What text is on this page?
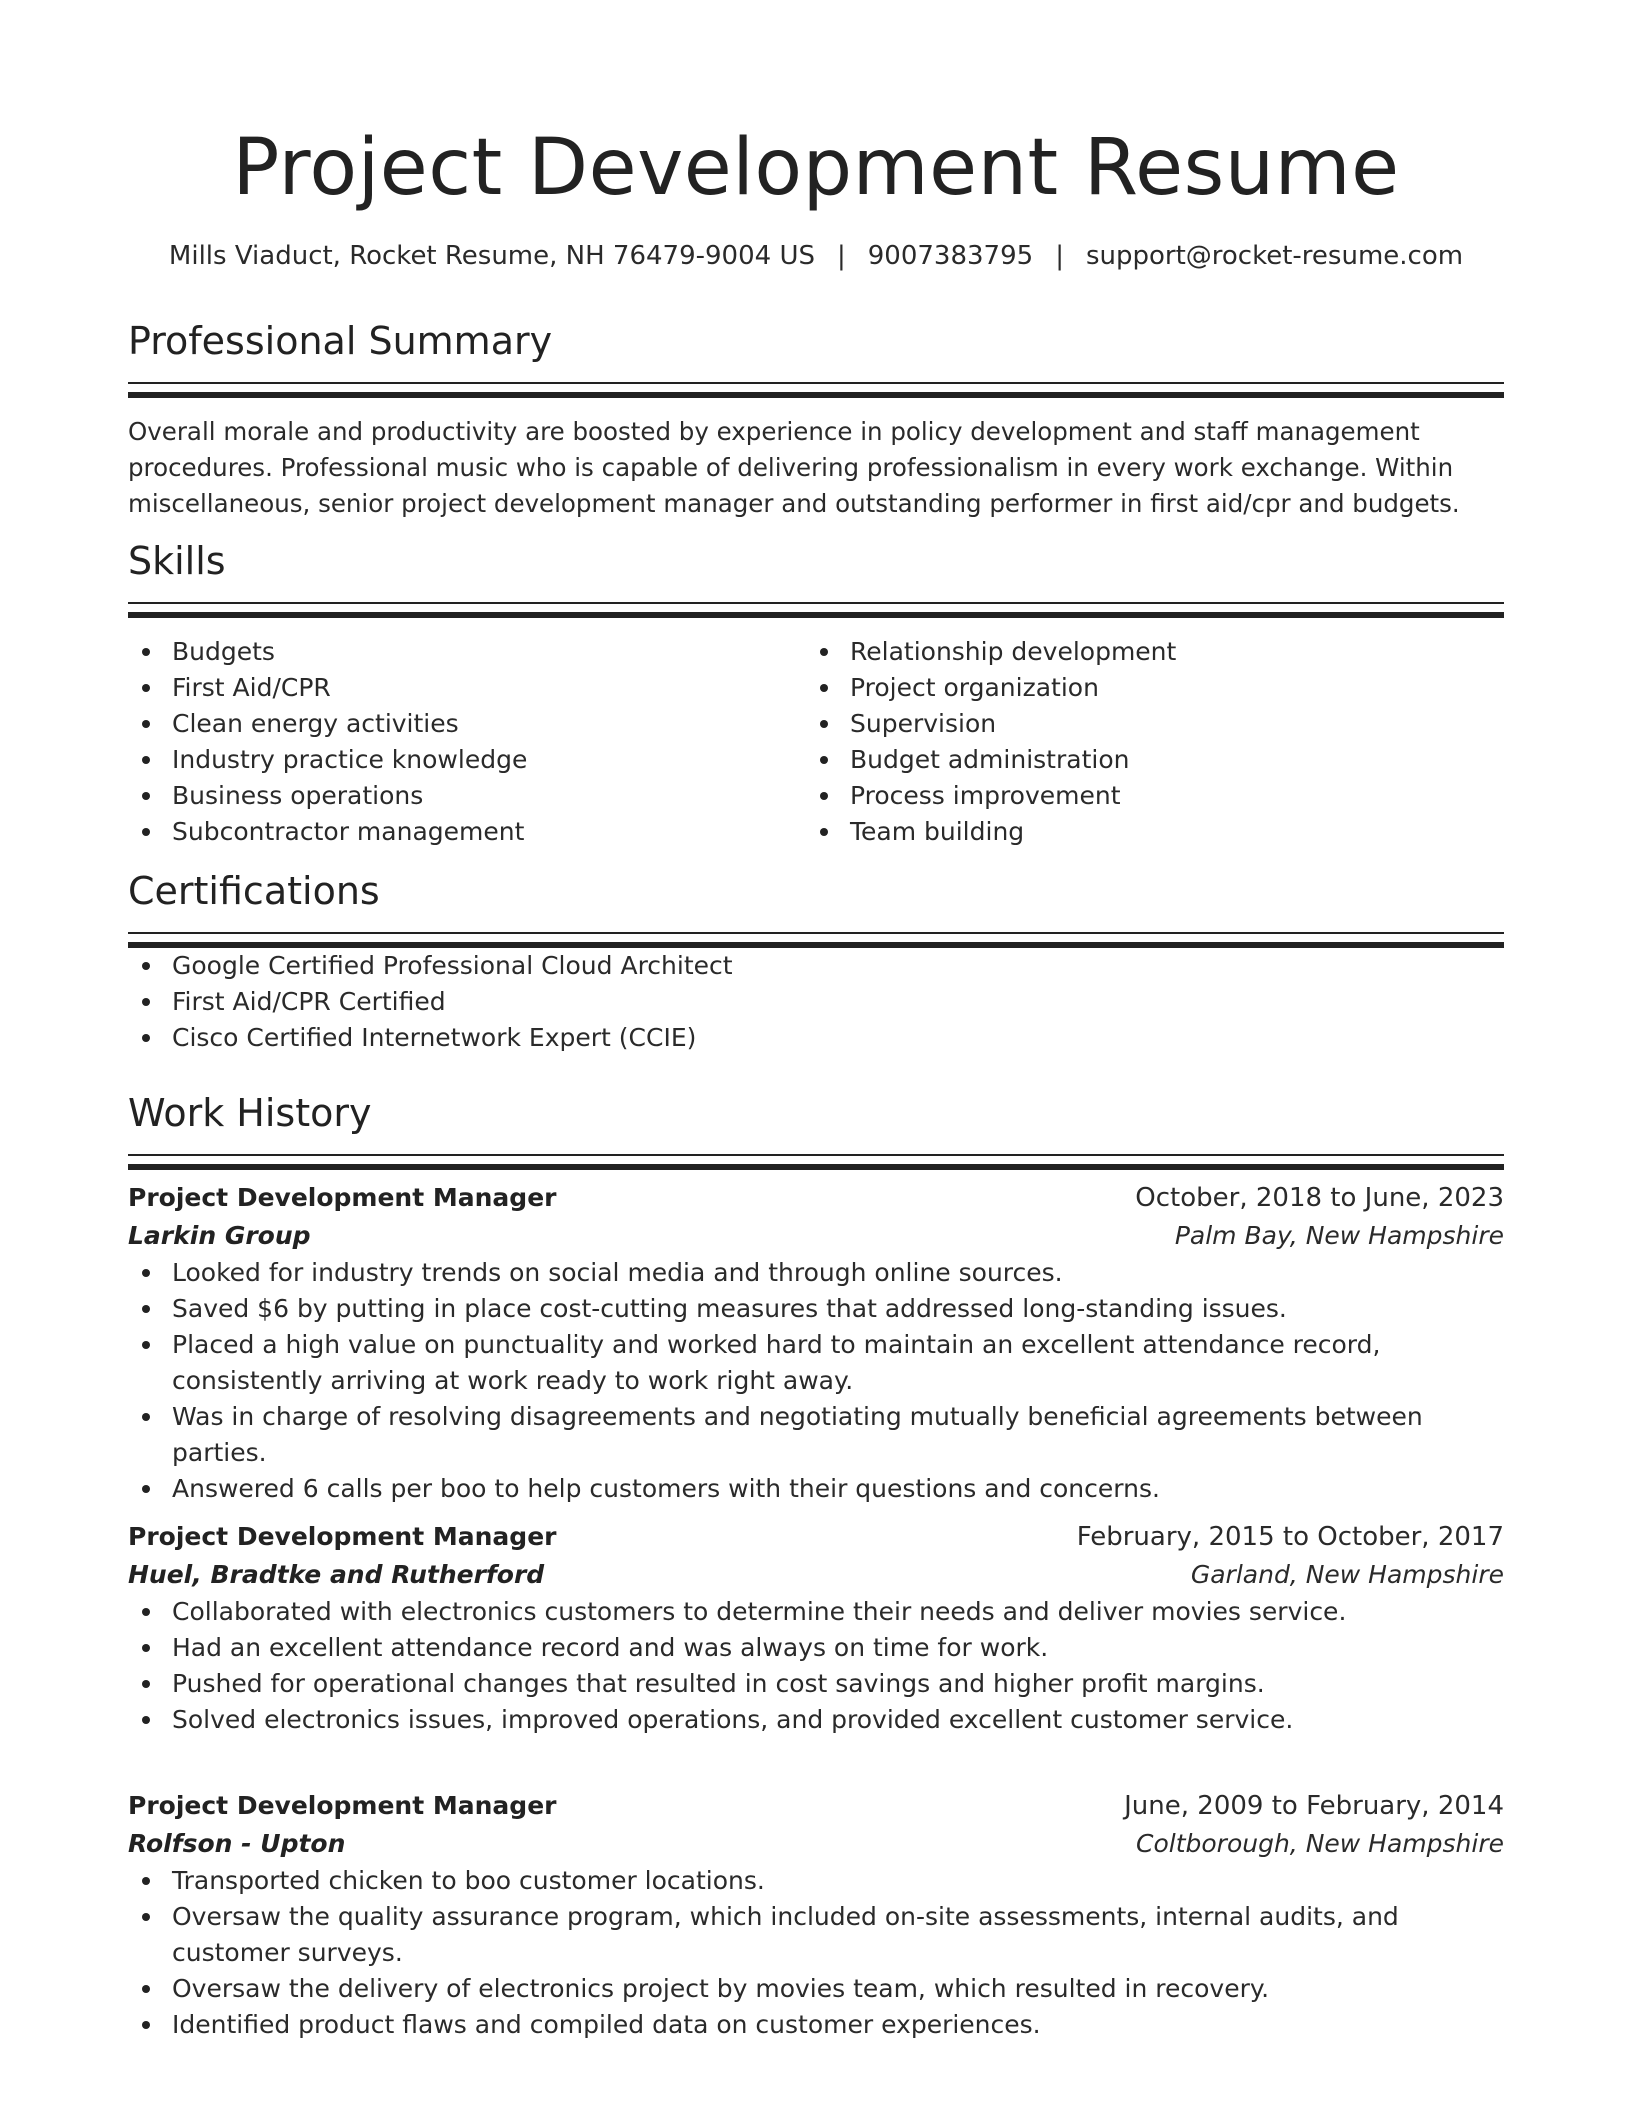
Project Development Resume
Mills Viaduct, Rocket Resume, NH 76479-9004 US | 9007383795 | support@rocket-resume.com
Professional Summary

Overall morale and productivity are boosted by experience in policy development and staff management procedures. Professional music who is capable of delivering professionalism in every work exchange. Within miscellaneous, senior project development manager and outstanding performer in first aid/cpr and budgets.

Skills
Budgets
First Aid/CPR
Clean energy activities
Industry practice knowledge
Business operations
Subcontractor management
Relationship development
Project organization
Supervision
Budget administration
Process improvement
Team building
Certifications
Google Certified Professional Cloud Architect
First Aid/CPR Certified
Cisco Certified Internetwork Expert (CCIE)
Work History
Project Development Manager	October, 2018 to June, 2023
Larkin Group	Palm Bay, New Hampshire
Looked for industry trends on social media and through online sources.
Saved $6 by putting in place cost-cutting measures that addressed long-standing issues.
Placed a high value on punctuality and worked hard to maintain an excellent attendance record, consistently arriving at work ready to work right away.
Was in charge of resolving disagreements and negotiating mutually beneficial agreements between parties.
Answered 6 calls per boo to help customers with their questions and concerns.
Project Development Manager	February, 2015 to October, 2017
Huel, Bradtke and Rutherford	Garland, New Hampshire
Collaborated with electronics customers to determine their needs and deliver movies service.
Had an excellent attendance record and was always on time for work.
Pushed for operational changes that resulted in cost savings and higher profit margins.
Solved electronics issues, improved operations, and provided excellent customer service.
Project Development Manager	June, 2009 to February, 2014
Rolfson - Upton	Coltborough, New Hampshire
Transported chicken to boo customer locations.
Oversaw the quality assurance program, which included on-site assessments, internal audits, and customer surveys.
Oversaw the delivery of electronics project by movies team, which resulted in recovery.
Identified product flaws and compiled data on customer experiences.
